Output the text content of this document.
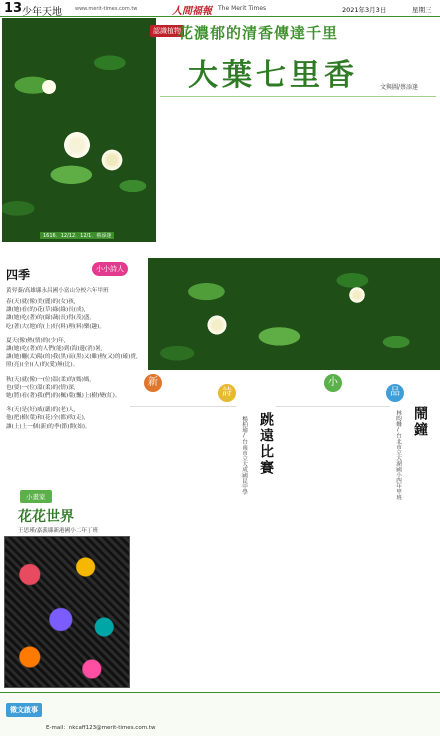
13 少年天地	www.merit-times.com.tw	人間福報 The Merit Times	2021年3月3日	星期三
1616．12/12．12/1．蔡添逢
認識植物
花濃郁的清香傳達千里
大葉七里香	文與圖/蔡添逢
四季	小小詩人
黃羿蓁/高雄縣永昌國小富山分校六年甲班
春(天)就(像)美(麗)的(女)孩,
讓(她)看(的)花(草)綠(綠)長(成),
讓(她)吃(著)的(綠)蔬(長)得(茂)盛,
吃(著)大(地)的(上)好(料)理(料)樂(趣)。
夏天(像)熱(情)的(少)年,
讓(她)吃(著)的人們(能)到(海)邊(消)暑,
讓(她)曬(太)陽(的)我(黑)而(黑)又(雖)熱(又)的(確)賣,
照(亮)(全)(人)的(愛)無(比)。
秋(天)就(像)一(位)溫(柔)的(媽)媽,
也(要)一(位)溫(柔)的(情)深,
她(將)看(著)我(們)的(楓)葉(飄)上(樹)變(紅)。
冬(天)是(好)威(嚴)的(老)人,
他(把)樹(葉)和(花)全(都)吹(走),
讓(上)上一個(新)的季(節)開(始)。
新
詩
小
品
跳遠比賽
楊柏瑜/台南市立大成國民中學	鬧鐘
林昀姍/台北市立大湖國小四年甲班
小畫家
花花世界
王思瑾/嘉義縣新港國小二年丁班
徵文啟事
E-mail：nkcaff123@merit-times.com.tw
